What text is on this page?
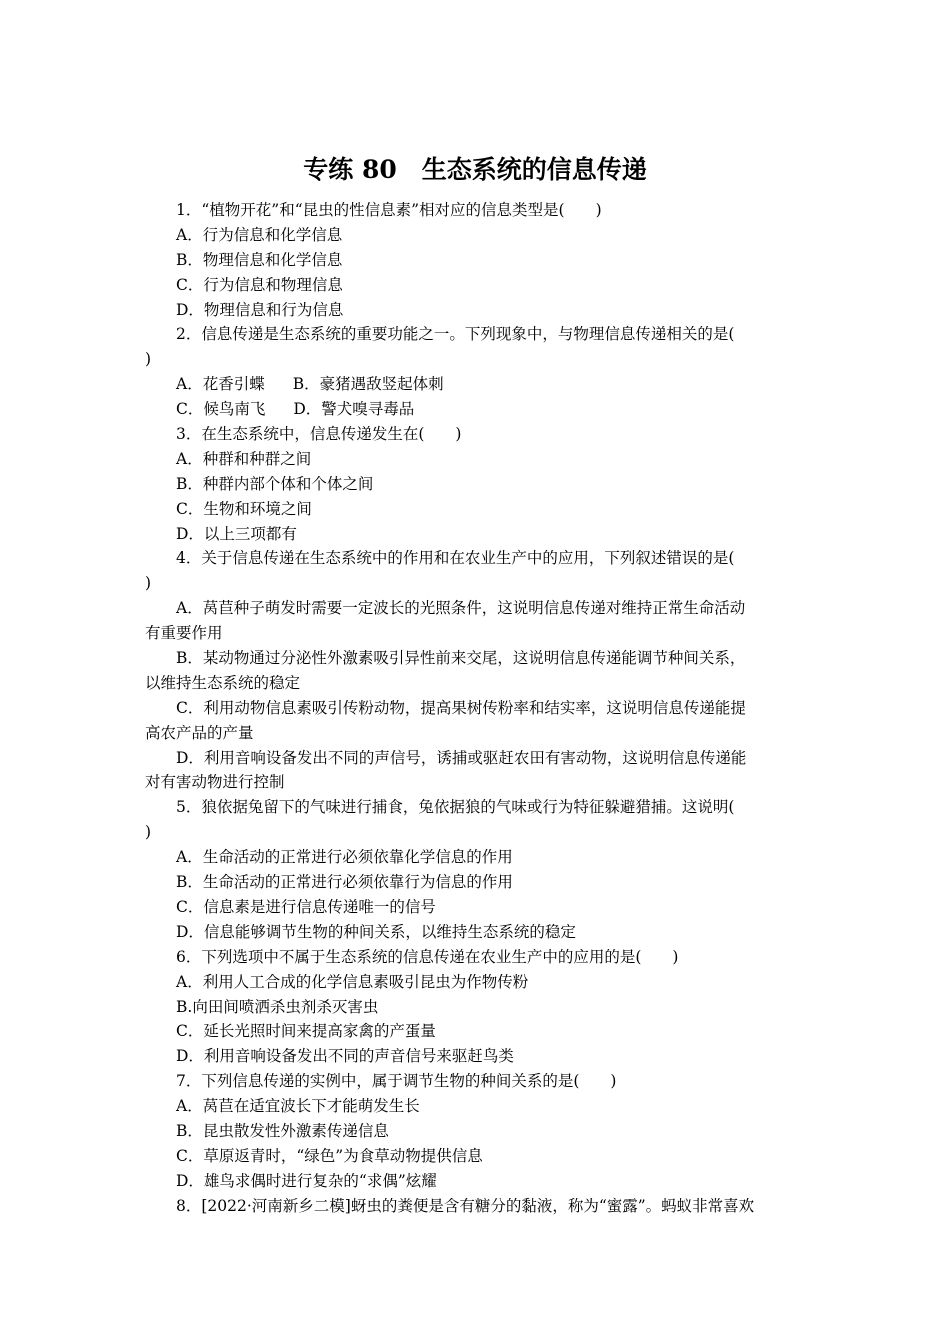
专练 80　生态系统的信息传递
1．“植物开花”和“昆虫的性信息素”相对应的信息类型是(　　)
A．行为信息和化学信息
B．物理信息和化学信息
C．行为信息和物理信息
D．物理信息和行为信息
2．信息传递是生态系统的重要功能之一。下列现象中，与物理信息传递相关的是(
)
A．花香引蝶 B．豪猪遇敌竖起体刺
C．候鸟南飞 D．警犬嗅寻毒品
3．在生态系统中，信息传递发生在(　　)
A．种群和种群之间
B．种群内部个体和个体之间
C．生物和环境之间
D．以上三项都有
4．关于信息传递在生态系统中的作用和在农业生产中的应用，下列叙述错误的是(
)
A．莴苣种子萌发时需要一定波长的光照条件，这说明信息传递对维持正常生命活动
有重要作用
B．某动物通过分泌性外激素吸引异性前来交尾，这说明信息传递能调节种间关系，
以维持生态系统的稳定
C．利用动物信息素吸引传粉动物，提高果树传粉率和结实率，这说明信息传递能提
高农产品的产量
D．利用音响设备发出不同的声信号，诱捕或驱赶农田有害动物，这说明信息传递能
对有害动物进行控制
5．狼依据兔留下的气味进行捕食，兔依据狼的气味或行为特征躲避猎捕。这说明(
)
A．生命活动的正常进行必须依靠化学信息的作用
B．生命活动的正常进行必须依靠行为信息的作用
C．信息素是进行信息传递唯一的信号
D．信息能够调节生物的种间关系，以维持生态系统的稳定
6．下列选项中不属于生态系统的信息传递在农业生产中的应用的是(　　)
A．利用人工合成的化学信息素吸引昆虫为作物传粉
B.向田间喷洒杀虫剂杀灭害虫
C．延长光照时间来提高家禽的产蛋量
D．利用音响设备发出不同的声音信号来驱赶鸟类
7．下列信息传递的实例中，属于调节生物的种间关系的是(　　)
A．莴苣在适宜波长下才能萌发生长
B．昆虫散发性外激素传递信息
C．草原返青时，“绿色”为食草动物提供信息
D．雄鸟求偶时进行复杂的“求偶”炫耀
8．[2022·河南新乡二模]蚜虫的粪便是含有糖分的黏液，称为“蜜露”。蚂蚁非常喜欢
